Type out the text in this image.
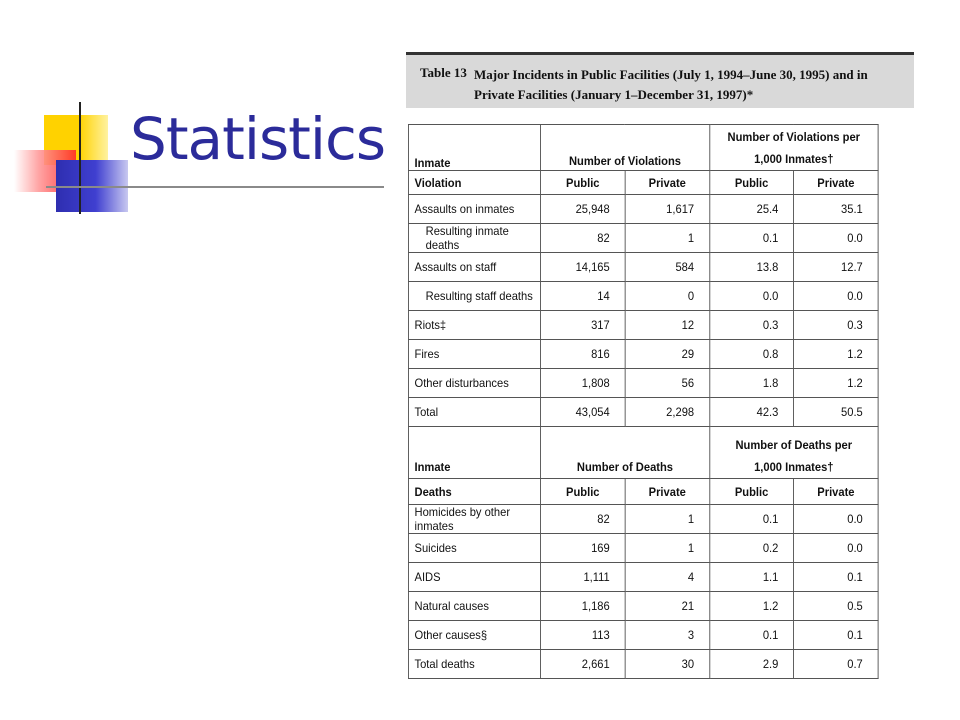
Statistics
Table 13 Major Incidents in Public Facilities (July 1, 1994–June 30, 1995) and in Private Facilities (January 1–December 31, 1997)*
Inmate	Number of Violations		Number of Violations per
1,000 Inmates†	

Violation	Public	Private	Public	Private
Assaults on inmates	25,948	1,617	25.4	35.1
Resulting inmate deaths	82	1	0.1	0.0
Assaults on staff	14,165	584	13.8	12.7
Resulting staff deaths	14	0	0.0	0.0
Riots‡	317	12	0.3	0.3
Fires	816	29	0.8	1.2
Other disturbances	1,808	56	1.8	1.2
Total	43,054	2,298	42.3	50.5
Inmate	Number of Deaths		Number of Deaths per
1,000 Inmates†	

Deaths	Public	Private	Public	Private
Homicides by other inmates	82	1	0.1	0.0
Suicides	169	1	0.2	0.0
AIDS	1,111	4	1.1	0.1
Natural causes	1,186	21	1.2	0.5
Other causes§	113	3	0.1	0.1
Total deaths	2,661	30	2.9	0.7
